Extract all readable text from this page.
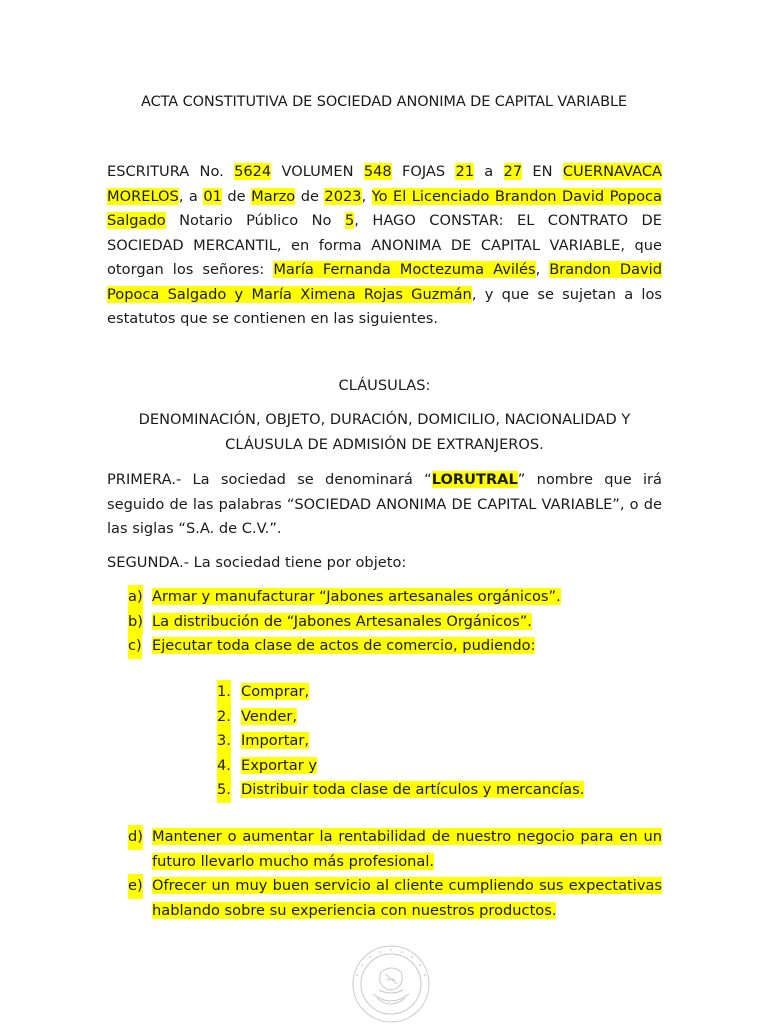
ACTA CONSTITUTIVA DE SOCIEDAD ANONIMA DE CAPITAL VARIABLE
ESCRITURA No. 5624 VOLUMEN 548 FOJAS 21 a 27 EN CUERNAVACA MORELOS, a 01 de Marzo de 2023, Yo El Licenciado Brandon David Popoca Salgado Notario Público No 5, HAGO CONSTAR: EL CONTRATO DE SOCIEDAD MERCANTIL, en forma ANONIMA DE CAPITAL VARIABLE, que otorgan los señores: María Fernanda Moctezuma Avilés, Brandon David Popoca Salgado y María Ximena Rojas Guzmán, y que se sujetan a los estatutos que se contienen en las siguientes.
CLÁUSULAS:
DENOMINACIÓN, OBJETO, DURACIÓN, DOMICILIO, NACIONALIDAD Y CLÁUSULA DE ADMISIÓN DE EXTRANJEROS.
PRIMERA.- La sociedad se denominará “LORUTRAL” nombre que irá seguido de las palabras “SOCIEDAD ANONIMA DE CAPITAL VARIABLE”, o de las siglas “S.A. de C.V.”.
SEGUNDA.- La sociedad tiene por objeto:
a) Armar y manufacturar “Jabones artesanales orgánicos”.
b) La distribución de “Jabones Artesanales Orgánicos”.
c) Ejecutar toda clase de actos de comercio, pudiendo:
1. Comprar,
2. Vender,
3. Importar,
4. Exportar y
5. Distribuir toda clase de artículos y mercancías.
d) Mantener o aumentar la rentabilidad de nuestro negocio para en un futuro llevarlo mucho más profesional.
e) Ofrecer un muy buen servicio al cliente cumpliendo sus expectativas hablando sobre su experiencia con nuestros productos.
